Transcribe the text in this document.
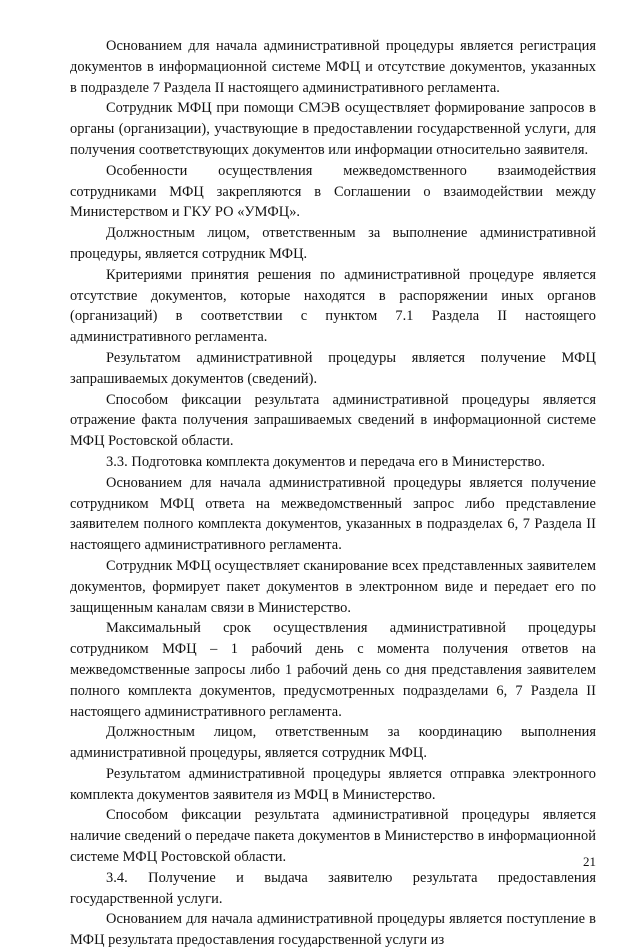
Основанием для начала административной процедуры является регистрация документов в информационной системе МФЦ и отсутствие документов, указанных в подразделе 7 Раздела II настоящего административного регламента.

Сотрудник МФЦ при помощи СМЭВ осуществляет формирование запросов в органы (организации), участвующие в предоставлении государственной услуги, для получения соответствующих документов или информации относительно заявителя.

Особенности осуществления межведомственного взаимодействия сотрудниками МФЦ закрепляются в Соглашении о взаимодействии между Министерством и ГКУ РО «УМФЦ».

Должностным лицом, ответственным за выполнение административной процедуры, является сотрудник МФЦ.

Критериями принятия решения по административной процедуре является отсутствие документов, которые находятся в распоряжении иных органов (организаций) в соответствии с пунктом 7.1 Раздела II настоящего административного регламента.

Результатом административной процедуры является получение МФЦ запрашиваемых документов (сведений).

Способом фиксации результата административной процедуры является отражение факта получения запрашиваемых сведений в информационной системе МФЦ Ростовской области.

3.3. Подготовка комплекта документов и передача его в Министерство.

Основанием для начала административной процедуры является получение сотрудником МФЦ ответа на межведомственный запрос либо представление заявителем полного комплекта документов, указанных в подразделах 6, 7 Раздела II настоящего административного регламента.

Сотрудник МФЦ осуществляет сканирование всех представленных заявителем документов, формирует пакет документов в электронном виде и передает его по защищенным каналам связи в Министерство.

Максимальный срок осуществления административной процедуры сотрудником МФЦ – 1 рабочий день с момента получения ответов на межведомственные запросы либо 1 рабочий день со дня представления заявителем полного комплекта документов, предусмотренных подразделами 6, 7 Раздела II настоящего административного регламента.

Должностным лицом, ответственным за координацию выполнения административной процедуры, является сотрудник МФЦ.

Результатом административной процедуры является отправка электронного комплекта документов заявителя из МФЦ в Министерство.

Способом фиксации результата административной процедуры является наличие сведений о передаче пакета документов в Министерство в информационной системе МФЦ Ростовской области.

3.4. Получение и выдача заявителю результата предоставления государственной услуги.

Основанием для начала административной процедуры является поступление в МФЦ результата предоставления государственной услуги из

21
